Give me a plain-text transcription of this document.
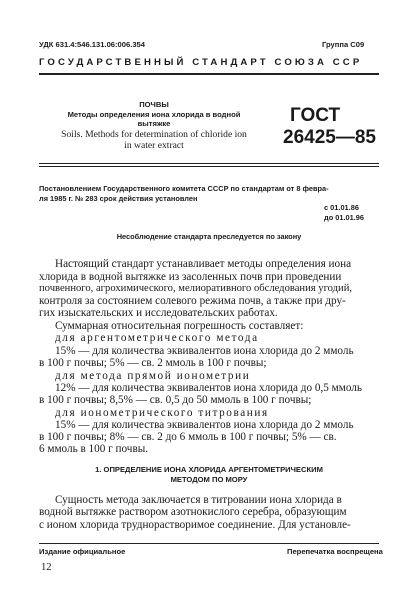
УДК 631.4:546.131.06:006.354	Группа С09
ГОСУДАРСТВЕННЫЙ СТАНДАРТ СОЮЗА ССР
ПОЧВЫ
Методы определения иона хлорида в водной
вытяжке
Soils. Methods for determination of chloride ion
in water extract
ГОСТ
26425—85
Постановлением Государственного комитета СССР по стандартам от 8 февра-
ля 1985 г. № 283 срок действия установлен
с 01.01.86
до 01.01.96
Несоблюдение стандарта преследуется по закону
Настоящий стандарт устанавливает методы определения иона
хлорида в водной вытяжке из засоленных почв при проведении
почвенного, агрохимического, мелиоративного обследования угодий,
контроля за состоянием солевого режима почв, а также при дру-
гих изыскательских и исследовательских работах.
Суммарная относительная погрешность составляет:
для аргентометрического метода
15% — для количества эквивалентов иона хлорида до 2 ммоль
в 100 г почвы; 5% — св. 2 ммоль в 100 г почвы;
для метода прямой ионометрии
12% — для количества эквивалентов иона хлорида до 0,5 ммоль
в 100 г почвы; 8,5% — св. 0,5 до 50 ммоль в 100 г почвы;
для ионометрического титрования
15% — для количества эквивалентов иона хлорида до 2 ммоль
в 100 г почвы; 8% — св. 2 до 6 ммоль в 100 г почвы; 5% — св.
6 ммоль в 100 г почвы.
1. ОПРЕДЕЛЕНИЕ ИОНА ХЛОРИДА АРГЕНТОМЕТРИЧЕСКИМ
МЕТОДОМ ПО МОРУ
Сущность метода заключается в титровании иона хлорида в
водной вытяжке раствором азотнокислого серебра, образующим
с ионом хлорида труднорастворимое соединение. Для установле-
Издание официальное	Перепечатка воспрещена
12
